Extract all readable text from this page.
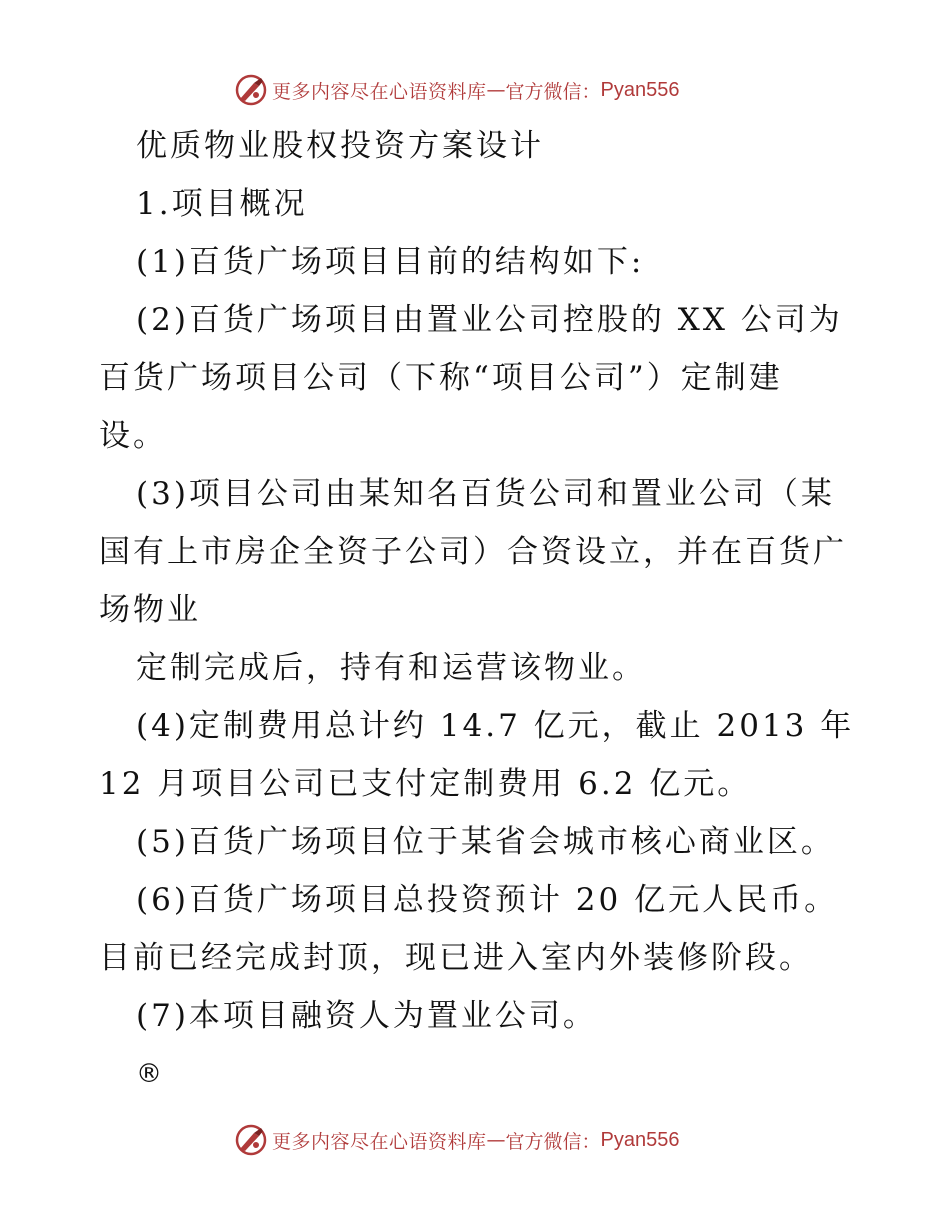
更多内容尽在心语资料库 — 官方微信： Pyan556
优质物业股权投资方案设计
1.项目概况
(1)百货广场项目目前的结构如下:
(2)百货广场项目由置业公司控股的 XX 公司为
百货广场项目公司（下称“项目公司”）定制建
设。
(3)项目公司由某知名百货公司和置业公司（某
国有上市房企全资子公司）合资设立，并在百货广
场物业
定制完成后，持有和运营该物业。
(4)定制费用总计约 14.7 亿元，截止 2013 年
12 月项目公司已支付定制费用 6.2 亿元。
(5)百货广场项目位于某省会城市核心商业区。
(6)百货广场项目总投资预计 20 亿元人民币。
目前已经完成封顶，现已进入室内外装修阶段。
(7)本项目融资人为置业公司。
®
更多内容尽在心语资料库 — 官方微信： Pyan556
